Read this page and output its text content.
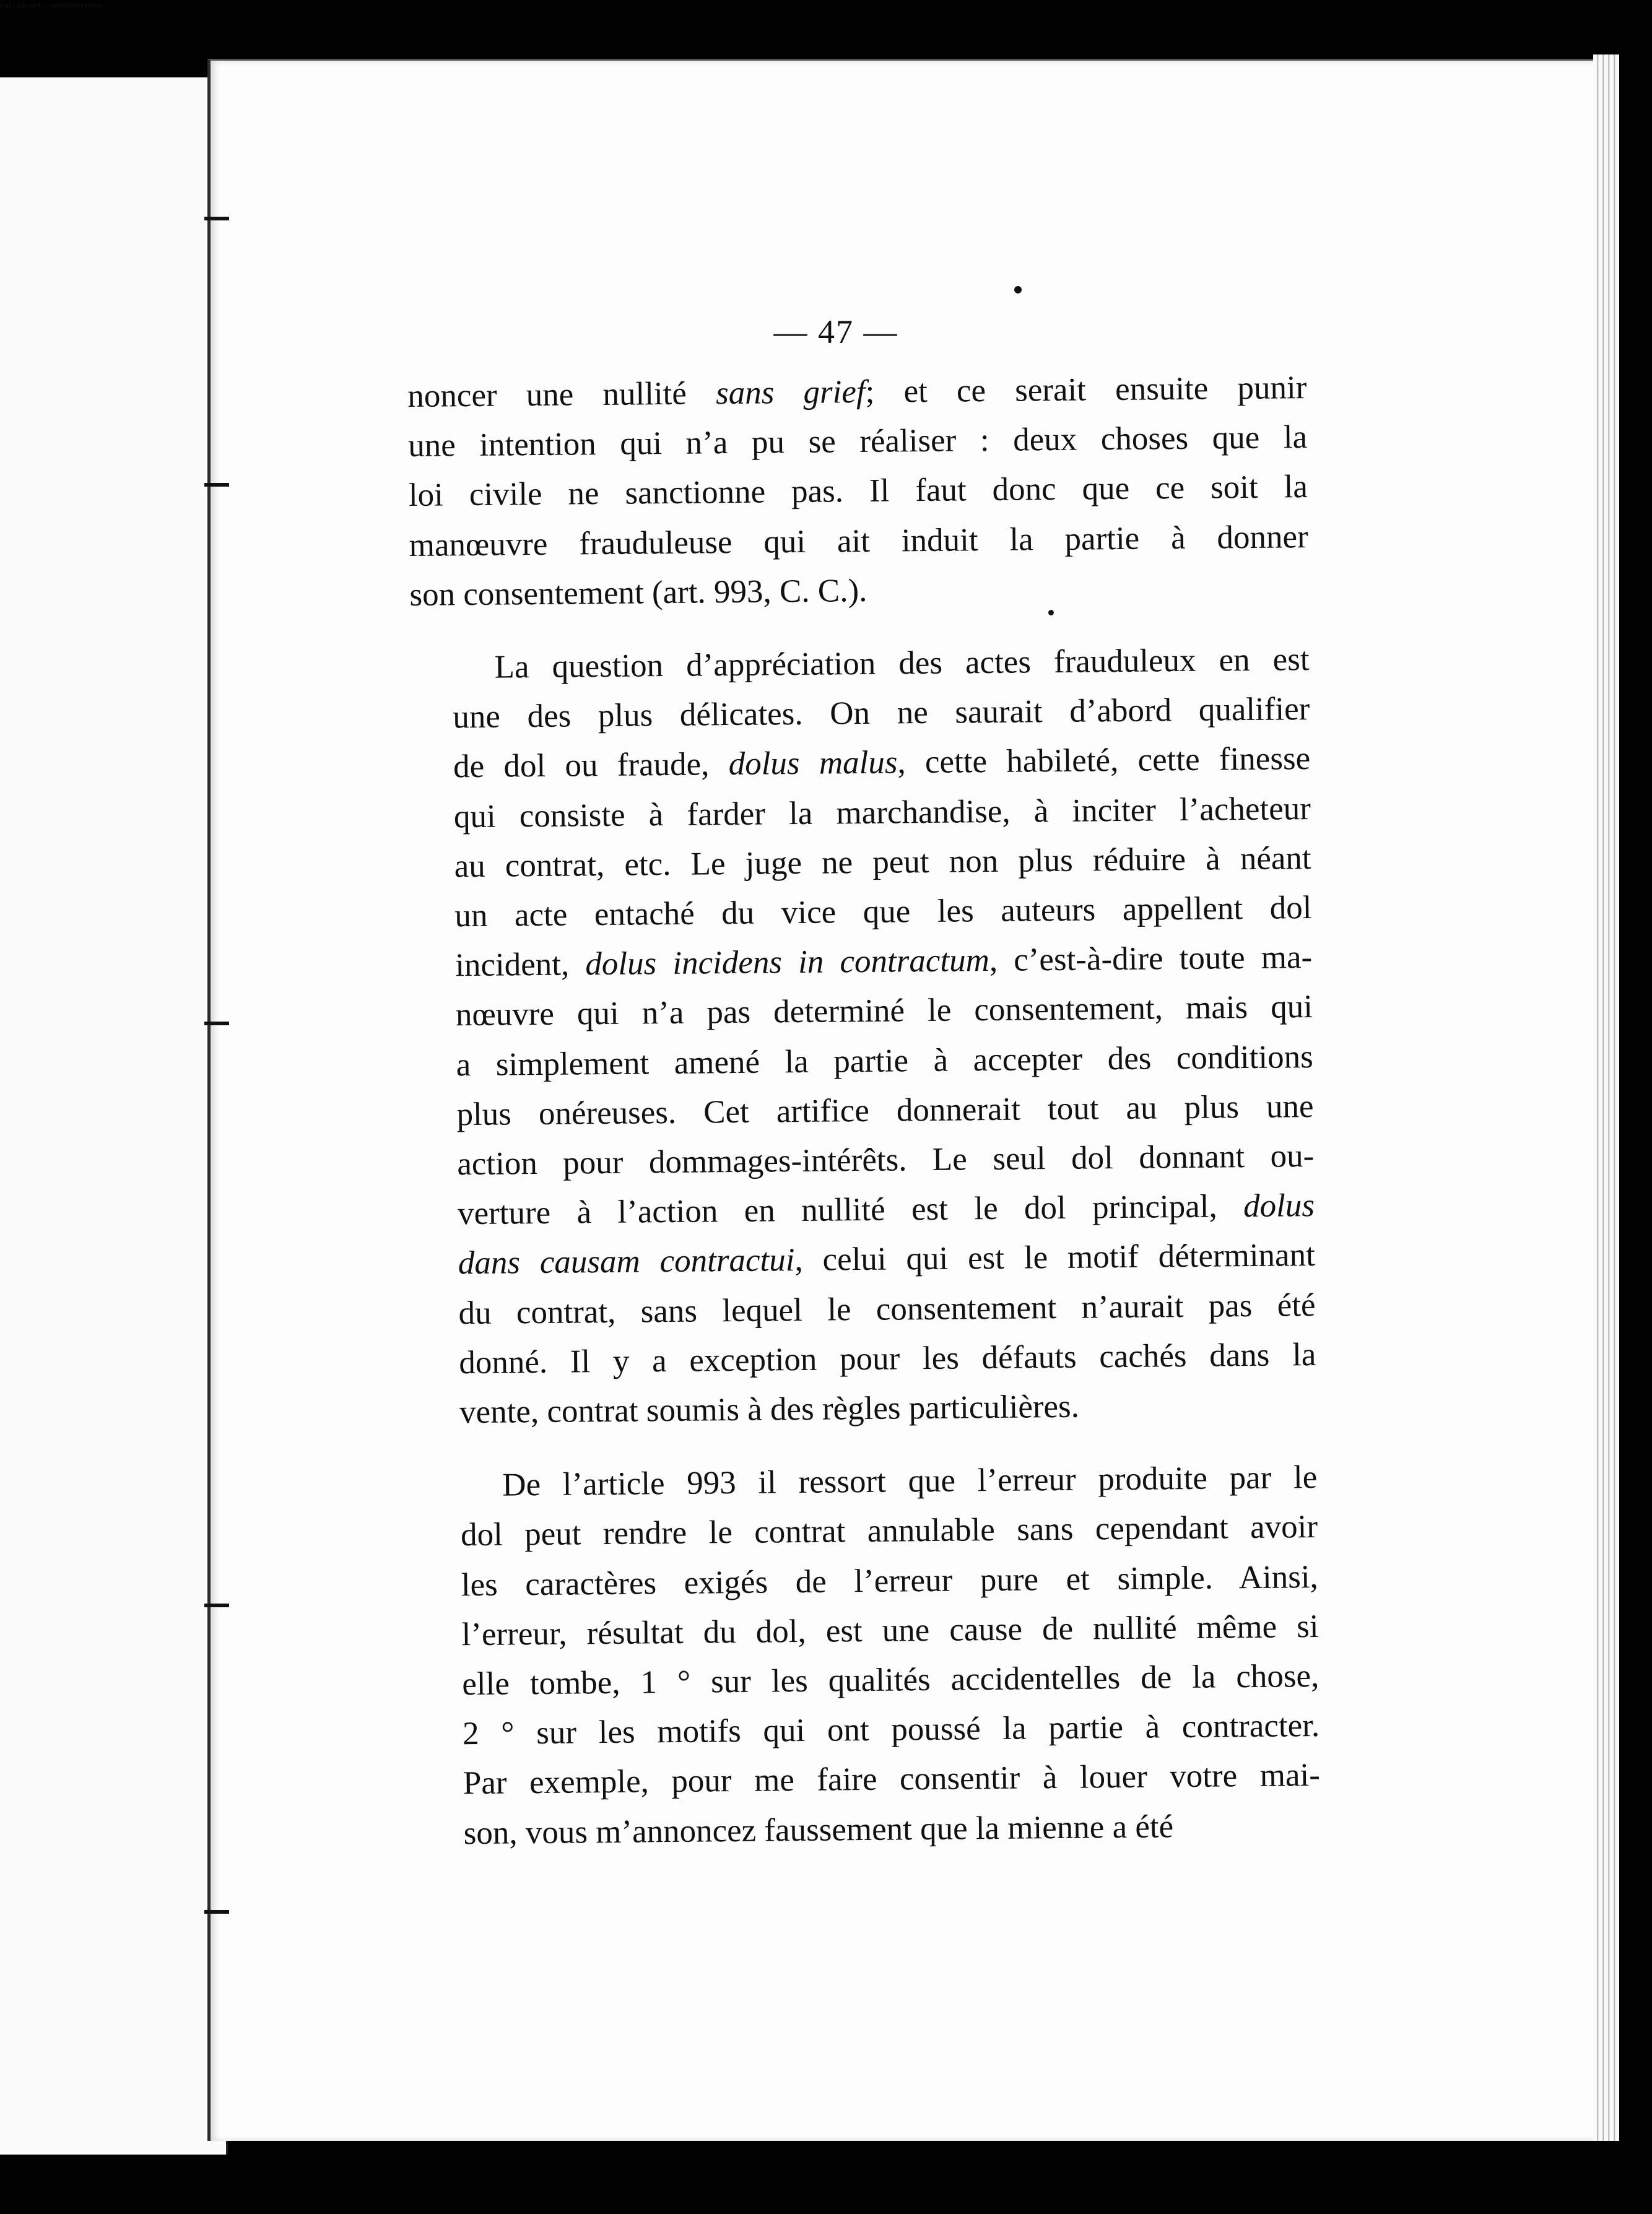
— 47 —
eal-,eu-set,--nesnsseeeteo-
noncer une nullité sans grief; et ce serait ensuite punir
une intention qui n’a pu se réaliser : deux choses que la
loi civile ne sanctionne pas. Il faut donc que ce soit la
manœuvre frauduleuse qui ait induit la partie à donner
son consentement (art. 993, C. C.).
La question d’appréciation des actes frauduleux en est
une des plus délicates. On ne saurait d’abord qualifier
de dol ou fraude, dolus malus, cette habileté, cette finesse
qui consiste à farder la marchandise, à inciter l’acheteur
au contrat, etc. Le juge ne peut non plus réduire à néant
un acte entaché du vice que les auteurs appellent dol
incident, dolus incidens in contractum, c’est-à-dire toute ma-
nœuvre qui n’a pas determiné le consentement, mais qui
a simplement amené la partie à accepter des conditions
plus onéreuses. Cet artifice donnerait tout au plus une
action pour dommages-intérêts. Le seul dol donnant ou-
verture à l’action en nullité est le dol principal, dolus
dans causam contractui, celui qui est le motif déterminant
du contrat, sans lequel le consentement n’aurait pas été
donné. Il y a exception pour les défauts cachés dans la
vente, contrat soumis à des règles particulières.
De l’article 993 il ressort que l’erreur produite par le
dol peut rendre le contrat annulable sans cependant avoir
les caractères exigés de l’erreur pure et simple. Ainsi,
l’erreur, résultat du dol, est une cause de nullité même si
elle tombe, 1 ° sur les qualités accidentelles de la chose,
2 ° sur les motifs qui ont poussé la partie à contracter.
Par exemple, pour me faire consentir à louer votre mai-
son, vous m’annoncez faussement que la mienne a été
